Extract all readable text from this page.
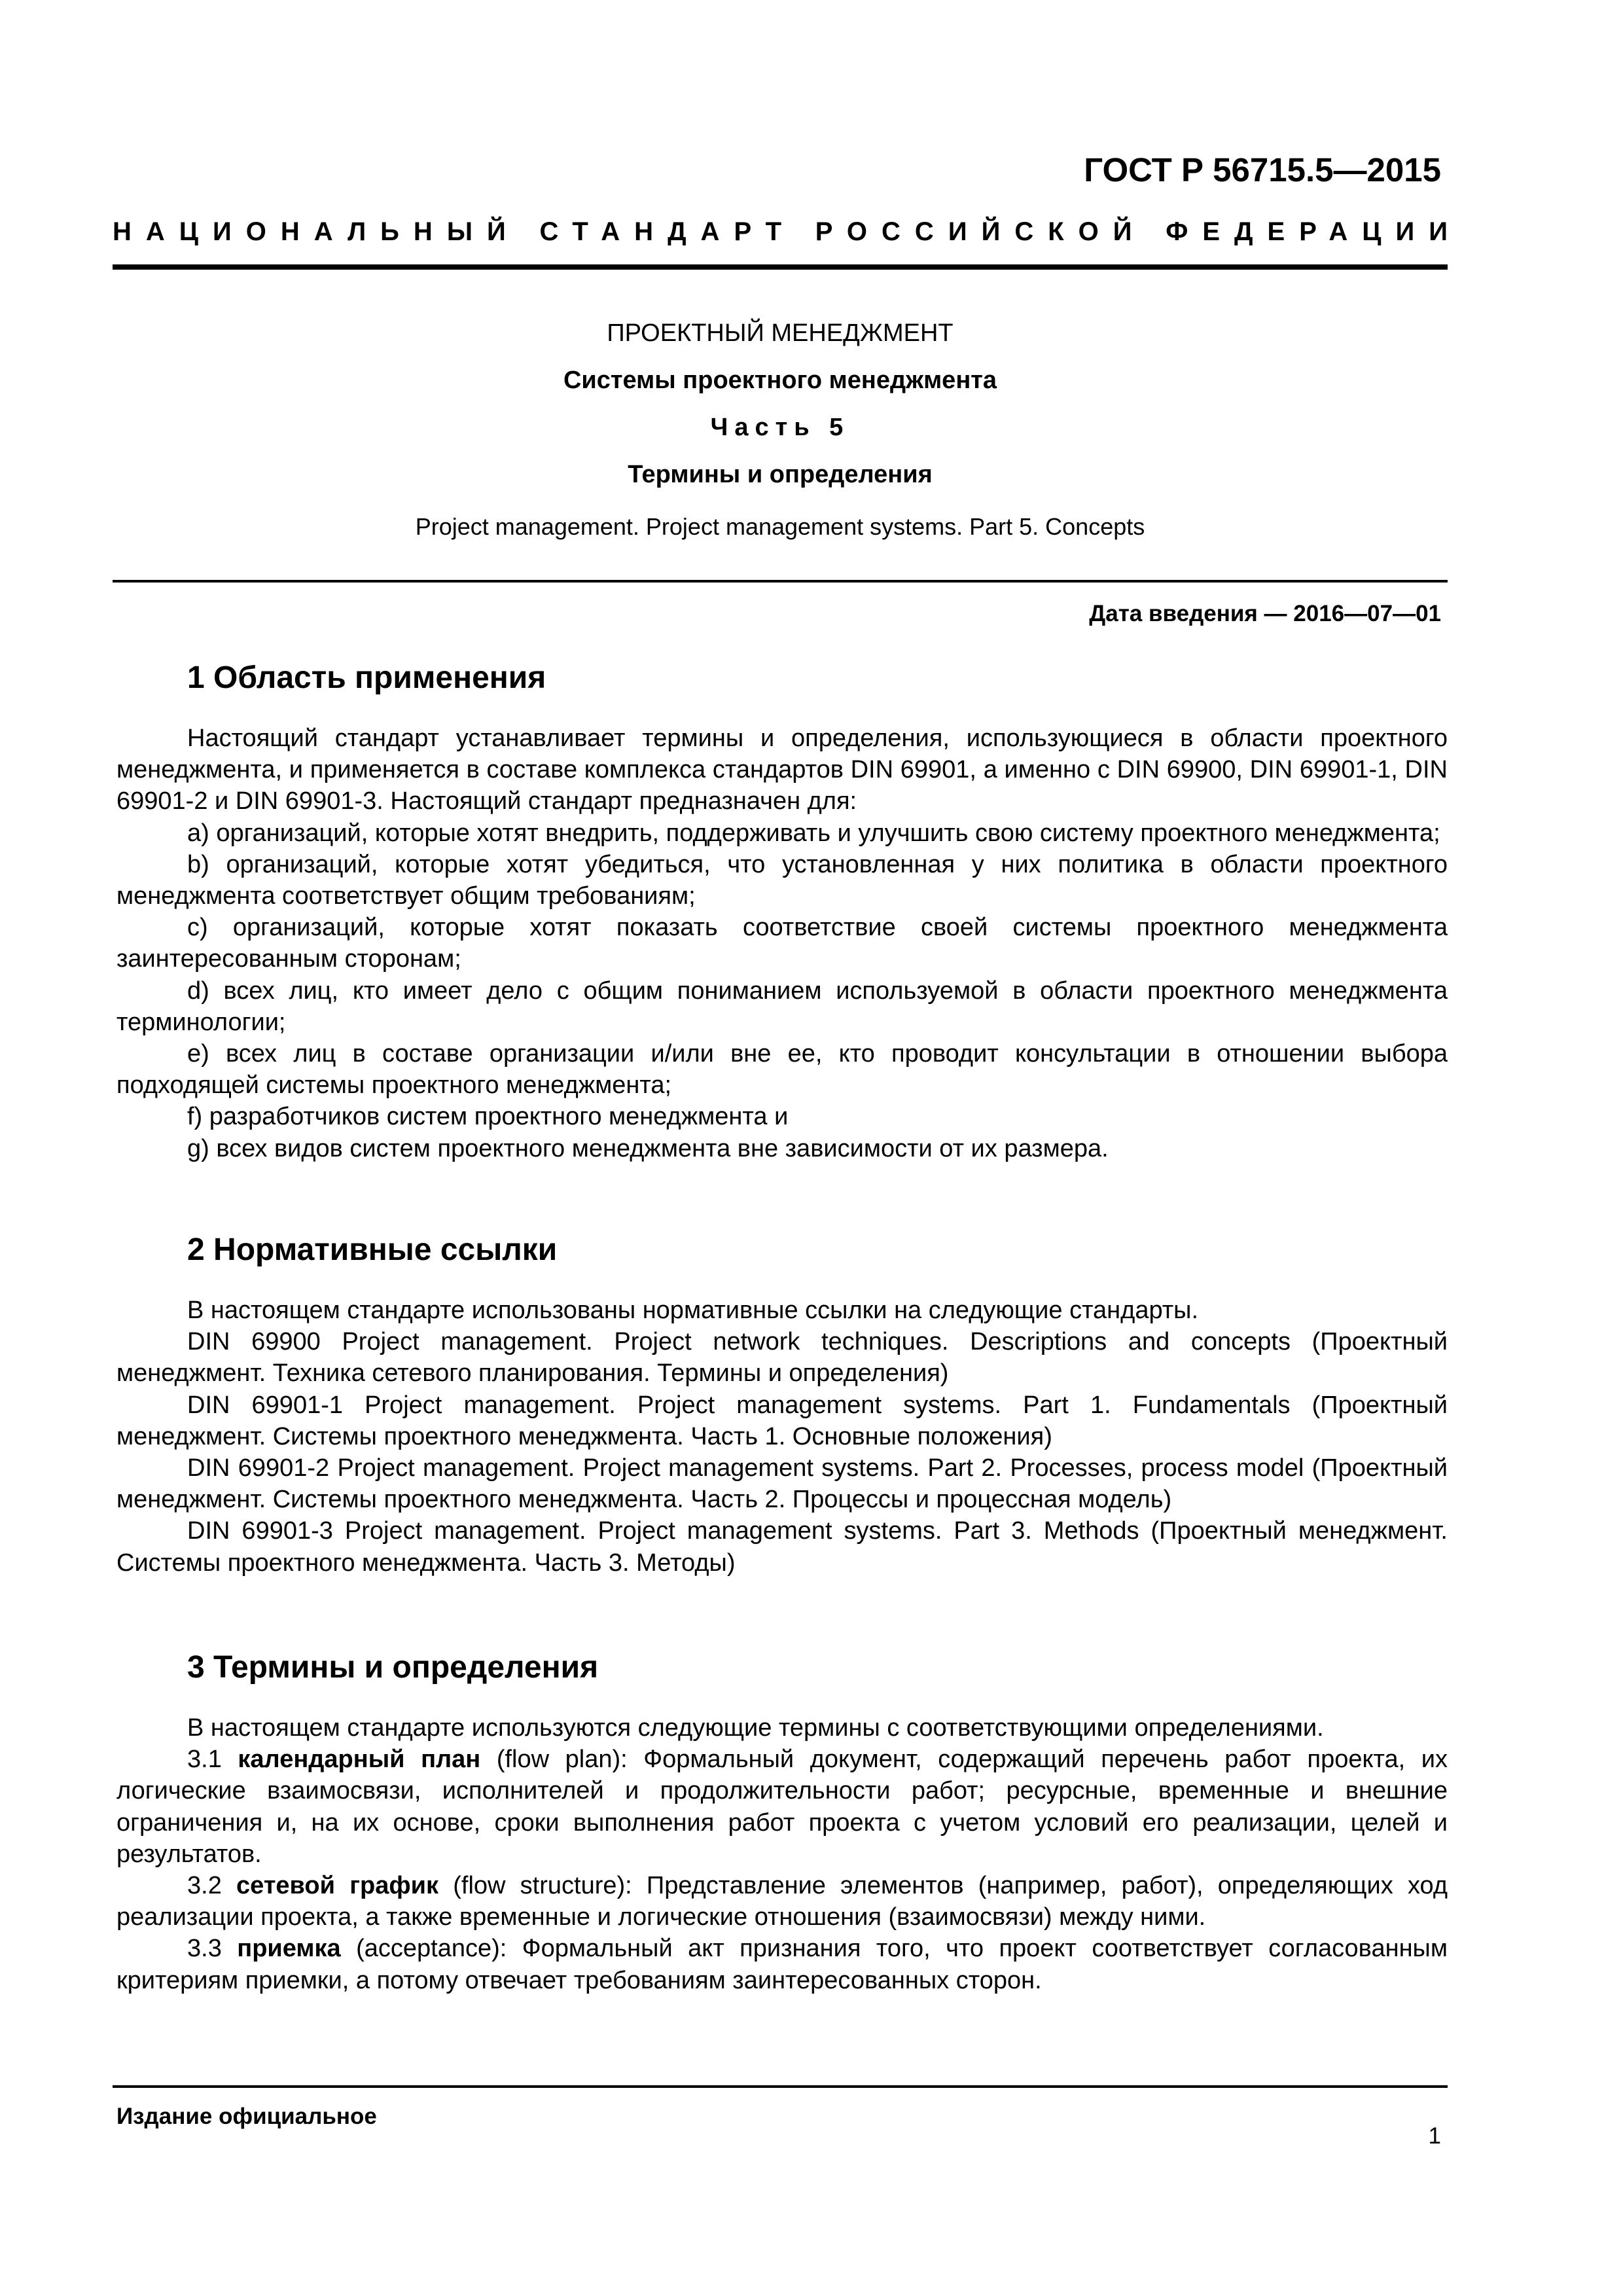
ГОСТ Р 56715.5—2015
НАЦИОНАЛЬНЫЙ СТАНДАРТ РОССИЙСКОЙ ФЕДЕРАЦИИ
ПРОЕКТНЫЙ МЕНЕДЖМЕНТ
Системы проектного менеджмента
Часть 5
Термины и определения
Project management. Project management systems. Part 5. Concepts
Дата введения — 2016—07—01
1 Область применения

Настоящий стандарт устанавливает термины и определения, использующиеся в области проектного менеджмента, и применяется в составе комплекса стандартов DIN 69901, а именно с DIN 69900, DIN 69901-1, DIN 69901-2 и DIN 69901-3. Настоящий стандарт предназначен для:

a) организаций, которые хотят внедрить, поддерживать и улучшить свою систему проектного менеджмента;

b) организаций, которые хотят убедиться, что установленная у них политика в области проектного менеджмента соответствует общим требованиям;

c) организаций, которые хотят показать соответствие своей системы проектного менеджмента заинтересованным сторонам;

d) всех лиц, кто имеет дело с общим пониманием используемой в области проектного менеджмента терминологии;

e) всех лиц в составе организации и/или вне ее, кто проводит консультации в отношении выбора подходящей системы проектного менеджмента;

f) разработчиков систем проектного менеджмента и

g) всех видов систем проектного менеджмента вне зависимости от их размера.

2 Нормативные ссылки

В настоящем стандарте использованы нормативные ссылки на следующие стандарты.

DIN 69900 Project management. Project network techniques. Descriptions and concepts (Проектный менеджмент. Техника сетевого планирования. Термины и определения)

DIN 69901-1 Project management. Project management systems. Part 1. Fundamentals (Проектный менеджмент. Системы проектного менеджмента. Часть 1. Основные положения)

DIN 69901-2 Project management. Project management systems. Part 2. Processes, process model (Проектный менеджмент. Системы проектного менеджмента. Часть 2. Процессы и процессная модель)

DIN 69901-3 Project management. Project management systems. Part 3. Methods (Проектный менеджмент. Системы проектного менеджмента. Часть 3. Методы)

3 Термины и определения

В настоящем стандарте используются следующие термины с соответствующими определениями.

3.1 календарный план (flow plan): Формальный документ, содержащий перечень работ проекта, их логические взаимосвязи, исполнителей и продолжительности работ; ресурсные, временные и внешние ограничения и, на их основе, сроки выполнения работ проекта с учетом условий его реализации, целей и результатов.

3.2 сетевой график (flow structure): Представление элементов (например, работ), определяющих ход реализации проекта, а также временные и логические отношения (взаимосвязи) между ними.

3.3 приемка (acceptance): Формальный акт признания того, что проект соответствует согласованным критериям приемки, а потому отвечает требованиям заинтересованных сторон.

Издание официальное
1
